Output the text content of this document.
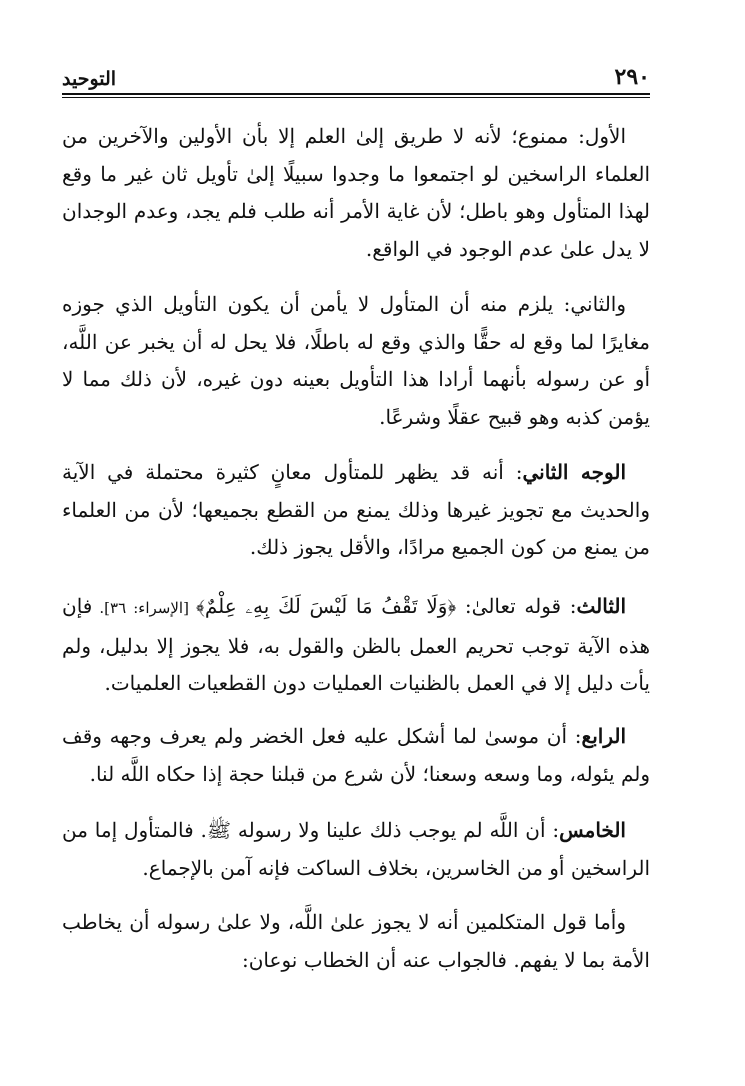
٢٩٠
التوحيد

الأول: ممنوع؛ لأنه لا طريق إلىٰ العلم إلا بأن الأولين والآخرين من العلماء الراسخين لو اجتمعوا ما وجدوا سبيلًا إلىٰ تأويل ثان غير ما وقع لهذا المتأول وهو باطل؛ لأن غاية الأمر أنه طلب فلم يجد، وعدم الوجدان لا يدل علىٰ عدم الوجود في الواقع.

والثاني: يلزم منه أن المتأول لا يأمن أن يكون التأويل الذي جوزه مغايرًا لما وقع له حقًّا والذي وقع له باطلًا، فلا يحل له أن يخبر عن اللَّه، أو عن رسوله بأنهما أرادا هذا التأويل بعينه دون غيره، لأن ذلك مما لا يؤمن كذبه وهو قبيح عقلًا وشرعًا.

الوجه الثاني: أنه قد يظهر للمتأول معانٍ كثيرة محتملة في الآية والحديث مع تجويز غيرها وذلك يمنع من القطع بجميعها؛ لأن من العلماء من يمنع من كون الجميع مرادًا، والأقل يجوز ذلك.

الثالث: قوله تعالىٰ: ﴿وَلَا تَقْفُ مَا لَيْسَ لَكَ بِهِۦ عِلْمٌ﴾ [الإسراء: ٣٦]. فإن هذه الآية توجب تحريم العمل بالظن والقول به، فلا يجوز إلا بدليل، ولم يأت دليل إلا في العمل بالظنيات العمليات دون القطعيات العلميات.

الرابع: أن موسىٰ لما أشكل عليه فعل الخضر ولم يعرف وجهه وقف ولم يئوله، وما وسعه وسعنا؛ لأن شرع من قبلنا حجة إذا حكاه اللَّه لنا.

الخامس: أن اللَّه لم يوجب ذلك علينا ولا رسوله ﷺ. فالمتأول إما من الراسخين أو من الخاسرين، بخلاف الساكت فإنه آمن بالإجماع.

وأما قول المتكلمين أنه لا يجوز علىٰ اللَّه، ولا علىٰ رسوله أن يخاطب الأمة بما لا يفهم. فالجواب عنه أن الخطاب نوعان:
